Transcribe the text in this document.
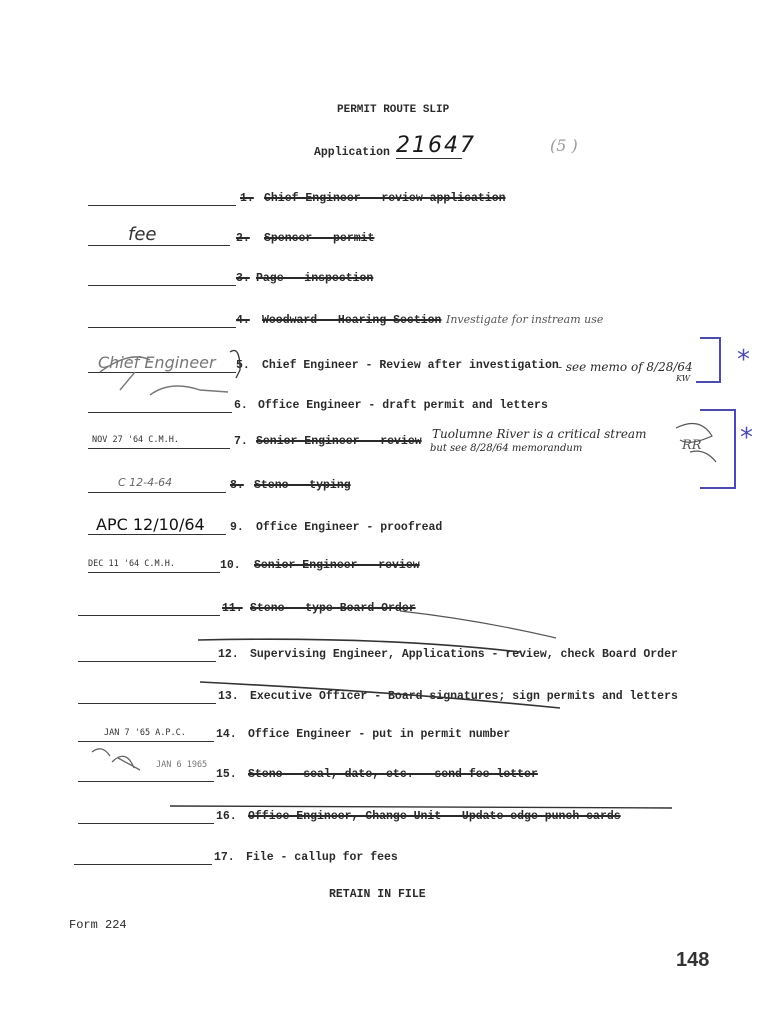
PERMIT ROUTE SLIP
Application 21647	(5 )
1. Chief Engineer - review application
fee	2. Spencer - permit
3. Page - inspection
4. Woodward - Hearing Section Investigate for instream use
Chief Engineer 5. Chief Engineer - Review after investigation - see memo of 8/28/64
KW
6. Office Engineer - draft permit and letters
NOV 27 '64 C.M.H.	7. Senior Engineer - review
Tuolumne River is a critical stream
but see 8/28/64 memorandum	RR
C 12-4-64	8. Steno - typing
APC 12/10/64 9. Office Engineer - proofread
DEC 11 '64 C.M.H.	10. Senior Engineer - review
11. Steno - type Board Order
12. Supervising Engineer, Applications - review, check Board Order
13. Executive Officer - Board signatures; sign permits and letters
JAN 7 '65 A.P.C.	14. Office Engineer - put in permit number
JAN 6 1965
15. Steno - seal, date, etc. - send fee letter
16. Office Engineer, Change Unit - Update edge-punch cards
17. File - callup for fees
RETAIN IN FILE
Form 224
148
*
*
